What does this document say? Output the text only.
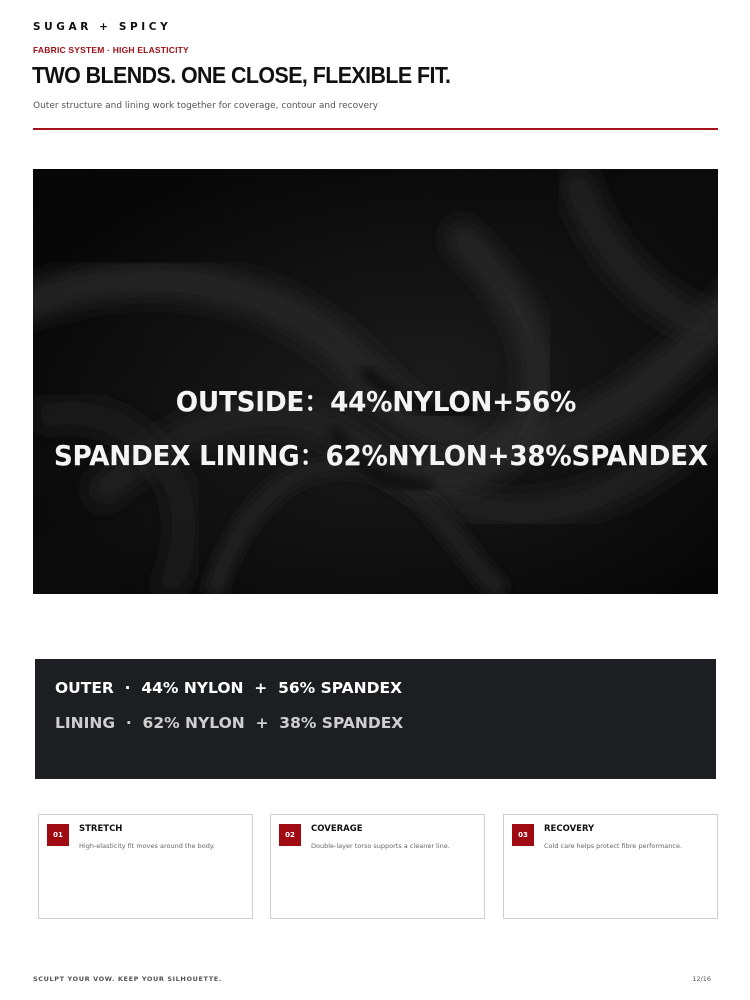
SUGAR + SPICY
FABRIC SYSTEM · HIGH ELASTICITY
TWO BLENDS. ONE CLOSE, FLEXIBLE FIT.
Outer structure and lining work together for coverage, contour and recovery
OUTSIDE：44%NYLON+56%
SPANDEX LINING：62%NYLON+38%SPANDEX
OUTER  ·  44% NYLON  +  56% SPANDEX
LINING  ·  62% NYLON  +  38% SPANDEX
01
STRETCH
High-elasticity fit moves around the body.
02
COVERAGE
Double-layer torso supports a cleaner line.
03
RECOVERY
Cold care helps protect fibre performance.
SCULPT YOUR VOW. KEEP YOUR SILHOUETTE.	12/16
